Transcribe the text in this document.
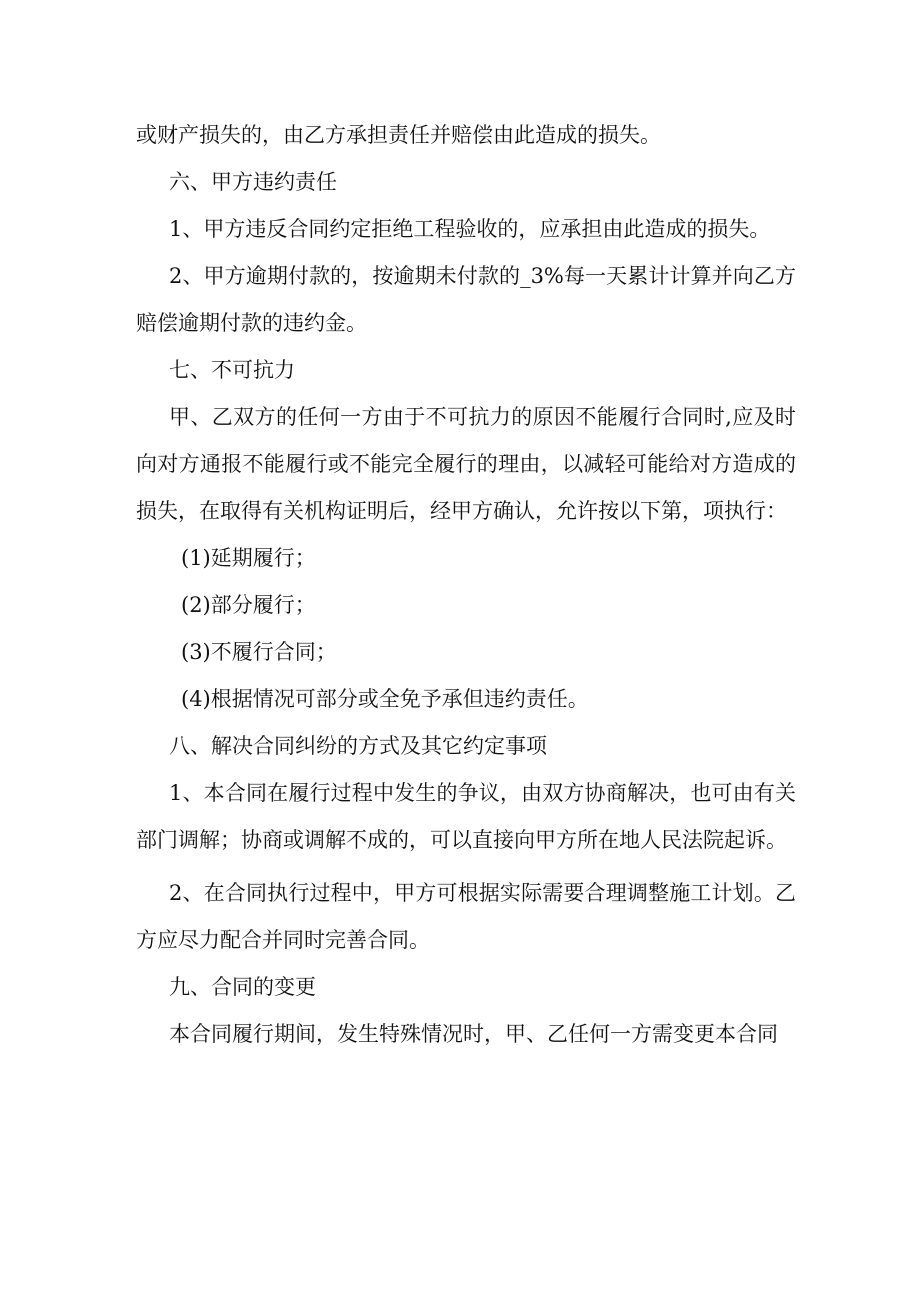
或财产损失的，由乙方承担责任并赔偿由此造成的损失。

六、甲方违约责任

1、甲方违反合同约定拒绝工程验收的，应承担由此造成的损失。

2、甲方逾期付款的，按逾期未付款的_3%每一天累计计算并向乙方赔偿逾期付款的违约金。

七、不可抗力

甲、乙双方的任何一方由于不可抗力的原因不能履行合同时,应及时向对方通报不能履行或不能完全履行的理由，以减轻可能给对方造成的损失，在取得有关机构证明后，经甲方确认，允许按以下第，项执行：

(1)延期履行；

(2)部分履行；

(3)不履行合同；

(4)根据情况可部分或全免予承但违约责任。

八、解决合同纠纷的方式及其它约定事项

1、本合同在履行过程中发生的争议，由双方协商解决，也可由有关部门调解；协商或调解不成的，可以直接向甲方所在地人民法院起诉。

2、在合同执行过程中，甲方可根据实际需要合理调整施工计划。乙方应尽力配合并同时完善合同。

九、合同的变更

本合同履行期间，发生特殊情况时，甲、乙任何一方需变更本合同
